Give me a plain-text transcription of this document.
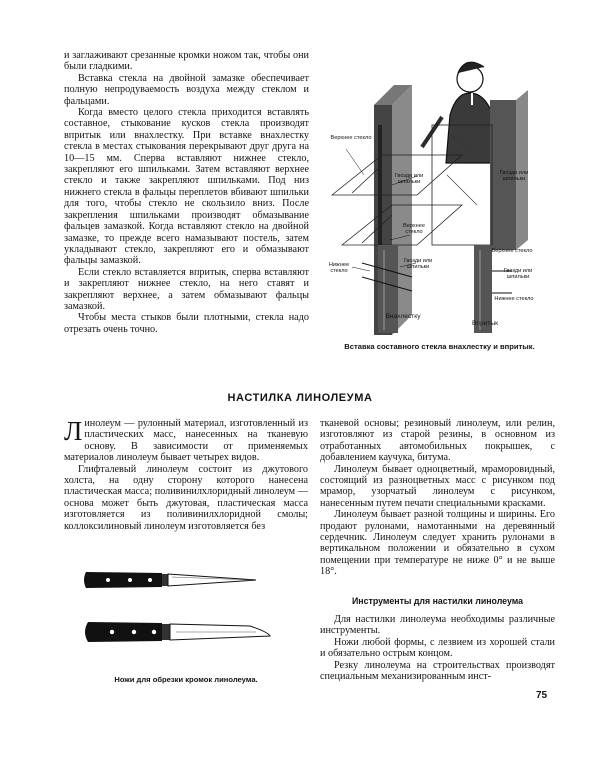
и заглаживают срезанные кромки ножом так, чтобы они были гладкими.
Вставка стекла на двойной замазке обеспечивает полную непродуваемость воздуха между стеклом и фальцами.
Когда вместо целого стекла приходится вставлять составное, стыкование кусков стекла производят впритык или внахлестку. При вставке внахлестку стекла в местах стыкования перекрывают друг друга на 10—15 мм. Сперва вставляют нижнее стекло, закрепляют его шпильками. Затем вставляют верхнее стекло и также закрепляют шпильками. Под низ нижнего стекла в фальцы переплетов вбивают шпильки для того, чтобы стекло не скользило вниз. После закрепления шпильками производят обмазывание фальцев замазкой. Когда вставляют стекло на двойной замазке, то прежде всего намазывают постель, затем укладывают стекло, закрепляют его и обмазывают фальцы замазкой.
Если стекло вставляется впритык, сперва вставляют и закрепляют нижнее стекло, на него ставят и закрепляют верхнее, а затем обмазывают фальцы замазкой.
Чтобы места стыков были плотными, стекла надо отрезать очень точно.
Верхнее стекло
Гвозди или шпильки
Верхнее стекло
Гвозди или шпильки
Гвозди или шпильки
Нижнее стекло
Верхнее стекло
Гвозди или шпильки
Нижнее стекло
Внахлестку
Впритык
Вставка составного стекла внахлестку и впритык.
НАСТИЛКА ЛИНОЛЕУМА
Линолеум — рулонный материал, изготовленный из пластических масс, нанесенных на тканевую основу. В зависимости от применяемых материалов линолеум бывает четырех видов.
Глифталевый линолеум состоит из джутового холста, на одну сторону которого нанесена пластическая масса; поливинилхлоридный линолеум — основа может быть джутовая, пластическая масса изготовляется из поливинилхлоридной смолы; коллоксилиновый линолеум изготовляется без
Ножи для обрезки кромок линолеума.
тканевой основы; резиновый линолеум, или релин, изготовляют из старой резины, в основном из отработанных автомобильных покрышек, с добавлением каучука, битума.
Линолеум бывает одноцветный, мраморовидный, состоящий из разноцветных масс с рисунком под мрамор, узорчатый линолеум с рисунком, нанесенным путем печати специальными красками.
Линолеум бывает разной толщины и ширины. Его продают рулонами, намотанными на деревянный сердечник. Линолеум следует хранить рулонами в вертикальном положении и обязательно в сухом помещении при температуре не ниже 0° и не выше 18°.
Инструменты для настилки линолеума
Для настилки линолеума необходимы различные инструменты.
Ножи любой формы, с лезвием из хорошей стали и обязательно острым концом.
Резку линолеума на строительствах производят специальным механизированным инст-
75
